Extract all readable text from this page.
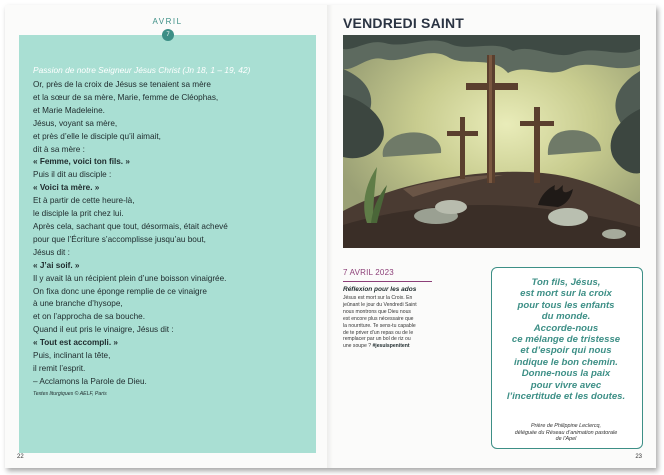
AVRIL
7
Passion de notre Seigneur Jésus Christ (Jn 18, 1 – 19, 42)
Or, près de la croix de Jésus se tenaient sa mère
et la sœur de sa mère, Marie, femme de Cléophas,
et Marie Madeleine.
Jésus, voyant sa mère,
et près d’elle le disciple qu’il aimait,
dit à sa mère :
« Femme, voici ton fils. »
Puis il dit au disciple :
« Voici ta mère. »
Et à partir de cette heure-là,
le disciple la prit chez lui.
Après cela, sachant que tout, désormais, était achevé
pour que l’Écriture s’accomplisse jusqu’au bout,
Jésus dit :
« J’ai soif. »
Il y avait là un récipient plein d’une boisson vinaigrée.
On fixa donc une éponge remplie de ce vinaigre
à une branche d’hysope,
et on l’approcha de sa bouche.
Quand il eut pris le vinaigre, Jésus dit :
« Tout est accompli. »
Puis, inclinant la tête,
il remit l’esprit.
– Acclamons la Parole de Dieu.
Textes liturgiques © AELF, Paris
22
VENDREDI SAINT
7 AVRIL 2023
Réflexion pour les ados
Jésus est mort sur la Croix. En
jeûnant le jour du Vendredi Saint
nous montrons que Dieu nous
est encore plus nécessaire que
la nourriture. Te sens-tu capable
de te priver d’un repas ou de le
remplacer par un bol de riz ou
une soupe ? #jesuispenitent
Ton fils, Jésus,
est mort sur la croix
pour tous les enfants
du monde.
Accorde-nous
ce mélange de tristesse
et d’espoir qui nous
indique le bon chemin.
Donne-nous la paix
pour vivre avec
l’incertitude et les doutes.
Prière de Philippine Leclercq,
déléguée du Réseau d’animation pastorale
de l’Apel
23
